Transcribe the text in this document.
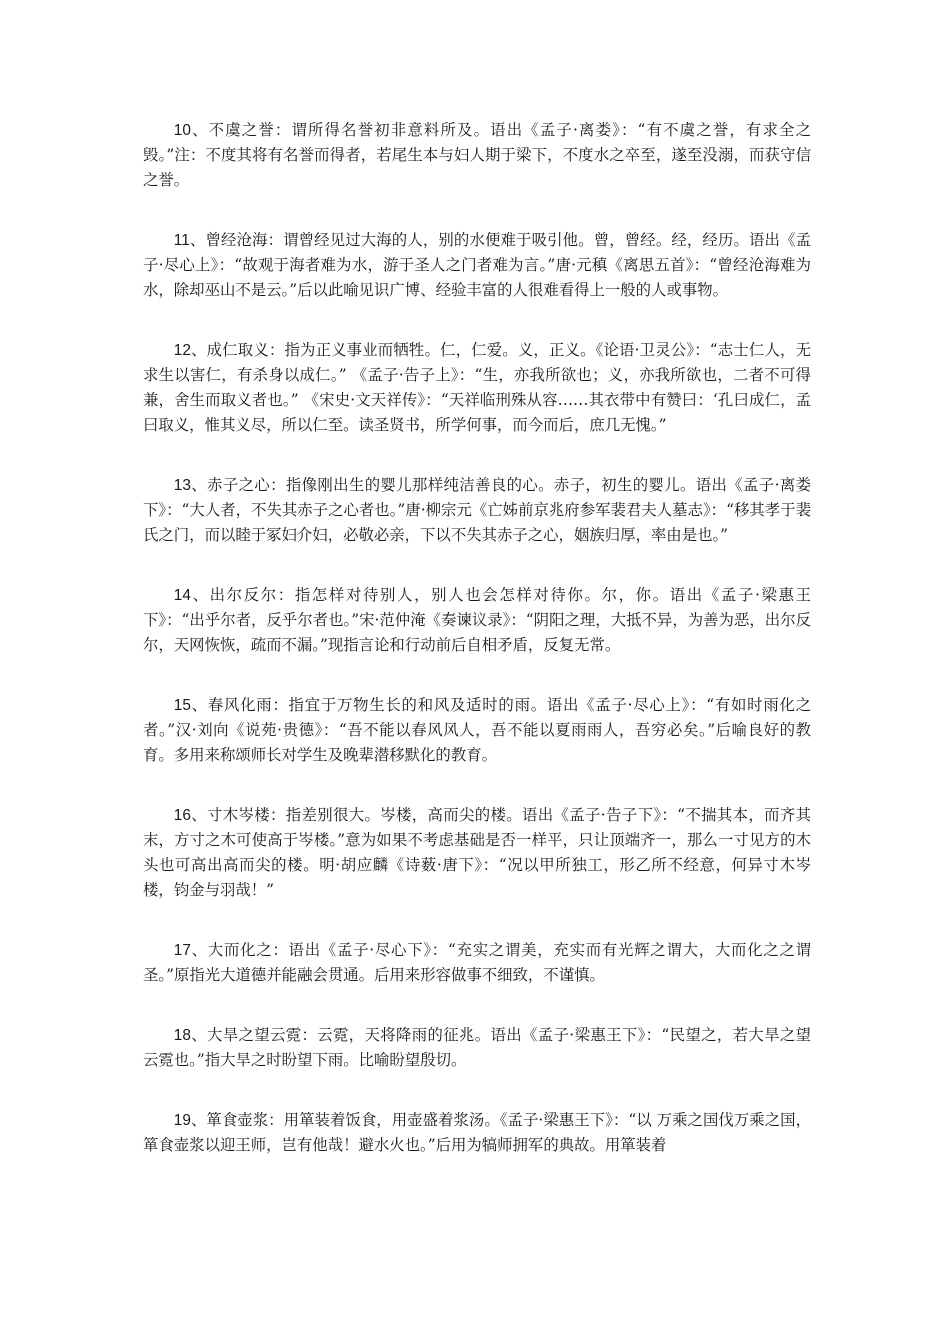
10、不虞之誉：谓所得名誉初非意料所及。语出《孟子·离娄》：“有不虞之誉，有求全之毁。”注：不度其将有名誉而得者，若尾生本与妇人期于梁下，不度水之卒至，遂至没溺，而获守信之誉。

11、曾经沧海：谓曾经见过大海的人，别的水便难于吸引他。曾，曾经。经，经历。语出《孟子·尽心上》：“故观于海者难为水，游于圣人之门者难为言。”唐·元稹《离思五首》：“曾经沧海难为水，除却巫山不是云。”后以此喻见识广博、经验丰富的人很难看得上一般的人或事物。

12、成仁取义：指为正义事业而牺牲。仁，仁爱。义，正义。《论语·卫灵公》：“志士仁人，无求生以害仁，有杀身以成仁。” 《孟子·告子上》：“生，亦我所欲也；义，亦我所欲也，二者不可得兼，舍生而取义者也。” 《宋史·文天祥传》：“天祥临刑殊从容……其衣带中有赞曰：‘孔曰成仁，孟曰取义，惟其义尽，所以仁至。读圣贤书，所学何事，而今而后，庶几无愧。”

13、赤子之心：指像刚出生的婴儿那样纯洁善良的心。赤子，初生的婴儿。语出《孟子·离娄下》：“大人者，不失其赤子之心者也。”唐·柳宗元《亡姊前京兆府参军裴君夫人墓志》：“移其孝于裴氏之门，而以睦于冢妇介妇，必敬必亲，下以不失其赤子之心，姻族归厚，率由是也。”

14、出尔反尔：指怎样对待别人，别人也会怎样对待你。尔，你。语出《孟子·梁惠王下》：“出乎尔者，反乎尔者也。”宋·范仲淹《奏谏议录》：“阴阳之理，大抵不异，为善为恶，出尔反尔，天网恢恢，疏而不漏。”现指言论和行动前后自相矛盾，反复无常。

15、春风化雨：指宜于万物生长的和风及适时的雨。语出《孟子·尽心上》：“有如时雨化之者。”汉·刘向《说苑·贵德》：“吾不能以春风风人，吾不能以夏雨雨人，吾穷必矣。”后喻良好的教育。多用来称颂师长对学生及晚辈潜移默化的教育。

16、寸木岑楼：指差别很大。岑楼，高而尖的楼。语出《孟子·告子下》：“不揣其本，而齐其末，方寸之木可使高于岑楼。”意为如果不考虑基础是否一样平，只让顶端齐一，那么一寸见方的木头也可高出高而尖的楼。明·胡应麟《诗薮·唐下》：“况以甲所独工，形乙所不经意，何异寸木岑楼，钧金与羽哉！”

17、大而化之：语出《孟子·尽心下》：“充实之谓美，充实而有光辉之谓大，大而化之之谓圣。”原指光大道德并能融会贯通。后用来形容做事不细致，不谨慎。

18、大旱之望云霓：云霓，天将降雨的征兆。语出《孟子·梁惠王下》：“民望之，若大旱之望云霓也。”指大旱之时盼望下雨。比喻盼望殷切。

19、箪食壶浆：用箪装着饭食，用壶盛着浆汤。《孟子·梁惠王下》：“以 万乘之国伐万乘之国，箪食壶浆以迎王师，岂有他哉！避水火也。”后用为犒师拥军的典故。用箪装着
